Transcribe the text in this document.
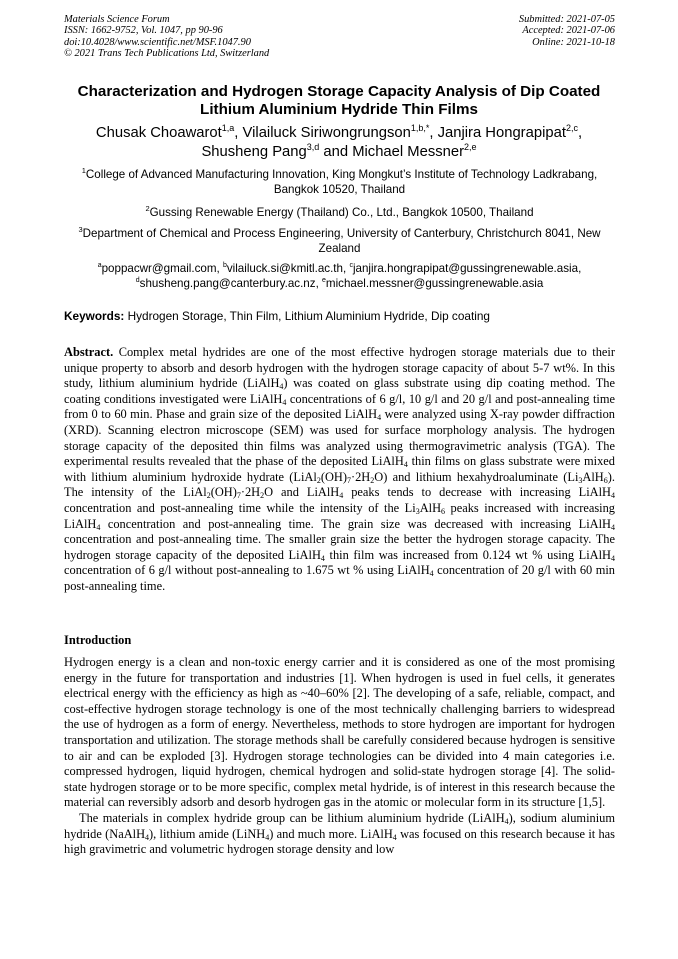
Materials Science Forum
ISSN: 1662-9752, Vol. 1047, pp 90-96
doi:10.4028/www.scientific.net/MSF.1047.90
© 2021 Trans Tech Publications Ltd, Switzerland
Submitted: 2021-07-05
Accepted: 2021-07-06
Online: 2021-10-18
Characterization and Hydrogen Storage Capacity Analysis of Dip Coated Lithium Aluminium Hydride Thin Films
Chusak Choawarot$^{1,a}$, Vilailuck Siriwongrungson$^{1,b,*}$, Janjira Hongrapipat$^{2,c}$,
Shusheng Pang$^{3,d}$ and Michael Messner$^{2,e}$
$^1$College of Advanced Manufacturing Innovation, King Mongkut’s Institute of Technology Ladkrabang, Bangkok 10520, Thailand
$^2$Gussing Renewable Energy (Thailand) Co., Ltd., Bangkok 10500, Thailand
$^3$Department of Chemical and Process Engineering, University of Canterbury, Christchurch 8041, New Zealand
$^a$poppacwr@gmail.com, $^b$vilailuck.si@kmitl.ac.th, $^c$janjira.hongrapipat@gussingrenewable.asia,
$^d$shusheng.pang@canterbury.ac.nz, $^e$michael.messner@gussingrenewable.asia
Keywords: Hydrogen Storage, Thin Film, Lithium Aluminium Hydride, Dip coating

Abstract. Complex metal hydrides are one of the most effective hydrogen storage materials due to their unique property to absorb and desorb hydrogen with the hydrogen storage capacity of about 5-7 wt%. In this study, lithium aluminium hydride (LiAlH$_4$) was coated on glass substrate using dip coating method. The coating conditions investigated were LiAlH$_4$ concentrations of 6 g/l, 10 g/l and 20 g/l and post-annealing time from 0 to 60 min. Phase and grain size of the deposited LiAlH$_4$ were analyzed using X-ray powder diffraction (XRD). Scanning electron microscope (SEM) was used for surface morphology analysis. The hydrogen storage capacity of the deposited thin films was analyzed using thermogravimetric analysis (TGA). The experimental results revealed that the phase of the deposited LiAlH$_4$ thin films on glass substrate were mixed with lithium aluminium hydroxide hydrate $(LiAl_2(OH)_7\cdot 2H_2O)$ and lithium hexahydroaluminate $(Li_3AlH_6)$. The intensity of the $LiAl_2(OH)_7\cdot 2H_2O$ and LiAlH$_4$ peaks tends to decrease with increasing LiAlH$_4$ concentration and post-annealing time while the intensity of the $Li_3AlH_6$ peaks increased with increasing LiAlH$_4$ concentration and post-annealing time. The grain size was decreased with increasing LiAlH$_4$ concentration and post-annealing time. The smaller grain size the better the hydrogen storage capacity. The hydrogen storage capacity of the deposited LiAlH$_4$ thin film was increased from 0.124 wt % using LiAlH$_4$ concentration of 6 g/l without post-annealing to 1.675 wt % using LiAlH$_4$ concentration of 20 g/l with 60 min post-annealing time.

Introduction

Hydrogen energy is a clean and non-toxic energy carrier and it is considered as one of the most promising energy in the future for transportation and industries [1]. When hydrogen is used in fuel cells, it generates electrical energy with the efficiency as high as ~40–60% [2]. The developing of a safe, reliable, compact, and cost-effective hydrogen storage technology is one of the most technically challenging barriers to widespread the use of hydrogen as a form of energy. Nevertheless, methods to store hydrogen are important for hydrogen transportation and utilization. The storage methods shall be carefully considered because hydrogen is sensitive to air and can be exploded [3]. Hydrogen storage technologies can be divided into 4 main categories i.e. compressed hydrogen, liquid hydrogen, chemical hydrogen and solid-state hydrogen storage [4]. The solid-state hydrogen storage or to be more specific, complex metal hydride, is of interest in this research because the material can reversibly adsorb and desorb hydrogen gas in the atomic or molecular form in its structure [1,5].

The materials in complex hydride group can be lithium aluminium hydride (LiAlH$_4$), sodium aluminium hydride (NaAlH$_4$), lithium amide (LiNH$_4$) and much more. LiAlH$_4$ was focused on this research because it has high gravimetric and volumetric hydrogen storage density and low
